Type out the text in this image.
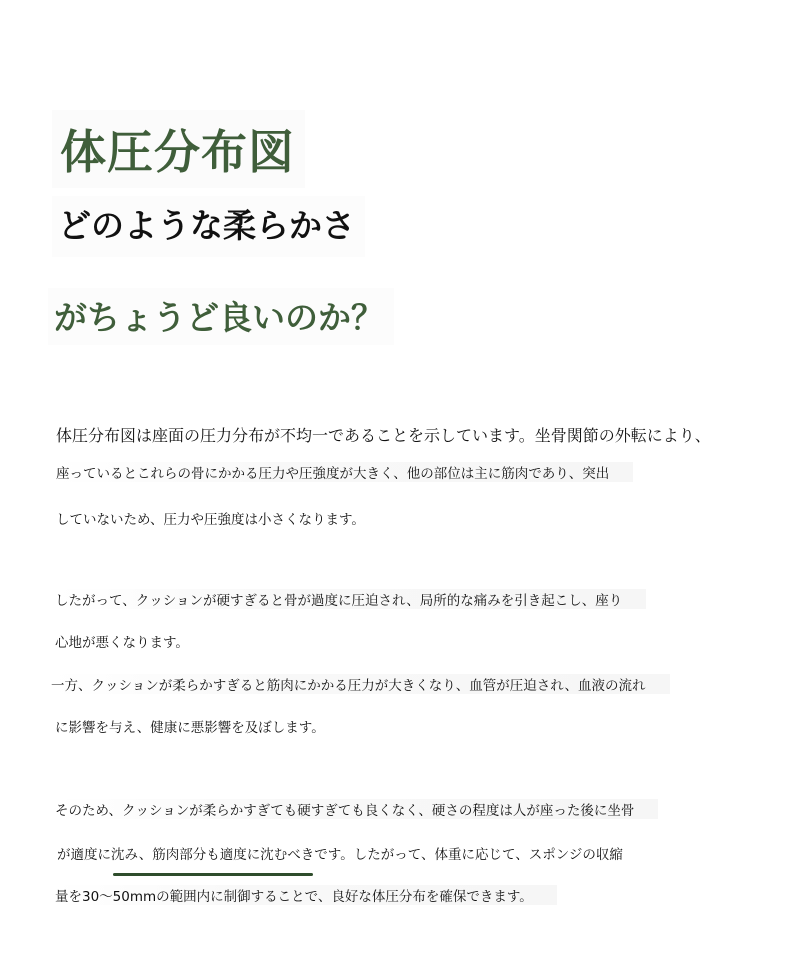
体圧分布図
どのような柔らかさ
がちょうど良いのか？
体圧分布図は座面の圧力分布が不均一であることを示しています。坐骨関節の外転により、
座っているとこれらの骨にかかる圧力や圧強度が大きく、他の部位は主に筋肉であり、突出
していないため、圧力や圧強度は小さくなります。
したがって、クッションが硬すぎると骨が過度に圧迫され、局所的な痛みを引き起こし、座り
心地が悪くなります。
一方、クッションが柔らかすぎると筋肉にかかる圧力が大きくなり、血管が圧迫され、血液の流れ
に影響を与え、健康に悪影響を及ぼします。
そのため、クッションが柔らかすぎても硬すぎても良くなく、硬さの程度は人が座った後に坐骨
が適度に沈み、筋肉部分も適度に沈むべきです。したがって、体重に応じて、スポンジの収縮
量を30〜50mmの範囲内に制御することで、良好な体圧分布を確保できます。
